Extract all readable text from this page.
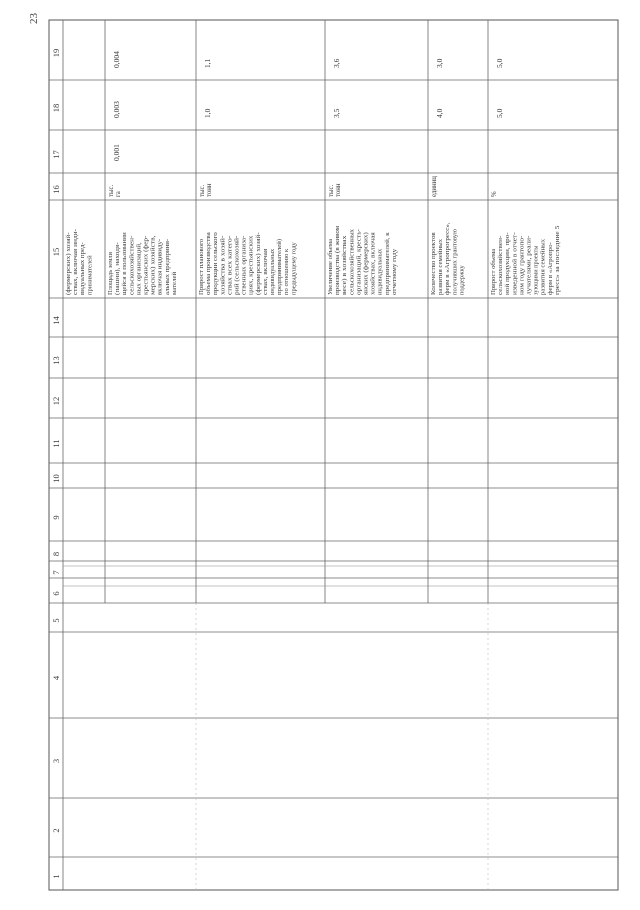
23
19
18
17
16
15
14
13
12
11
10
9
8
7
6
5
4
3
2
1
(фермерских) хозяй- ствах, включая инди- видуальных пред- принимателей Площадь земли (пашни), находя- щейся в пользовании сельскохозяйствен- ных организаций, крестьянских (фер- мерских) хозяйств, включая индивиду- альных предприни- мателей
тыс. га
0,001
0,003
0,004
Прирост планового объема производства продукции сельского хозяйства в хозяй- ствах всех катего- рий (сельскохозяй- ственных организа- циях, крестьянских (фермерских) хозяй- ствах, включая индивидуальных предпринимателей) по отношению к предыдущему году
тыс. тонн
1,0
1,1
Увеличение объема производства (в живом весе) в хозяйствах сельскохозяйственных организаций, кресть- янских (фермерских) хозяйствах, включая индивидуальных предпринимателей, к отчетному году
тыс. тонн
3,5
3,6
Количество проектов развития семейных ферм в «Агропрогресс», получивших грантовую поддержку
единиц
4,0
3,0
Прирост объема сельскохозяйствен- ной продукции, про- изведенной в отчет- ном году грантопо- лучателями, реали- зующими проекты развития семейных ферм в «Агропро- гресс» за последние 5
%
5,0
5,0
